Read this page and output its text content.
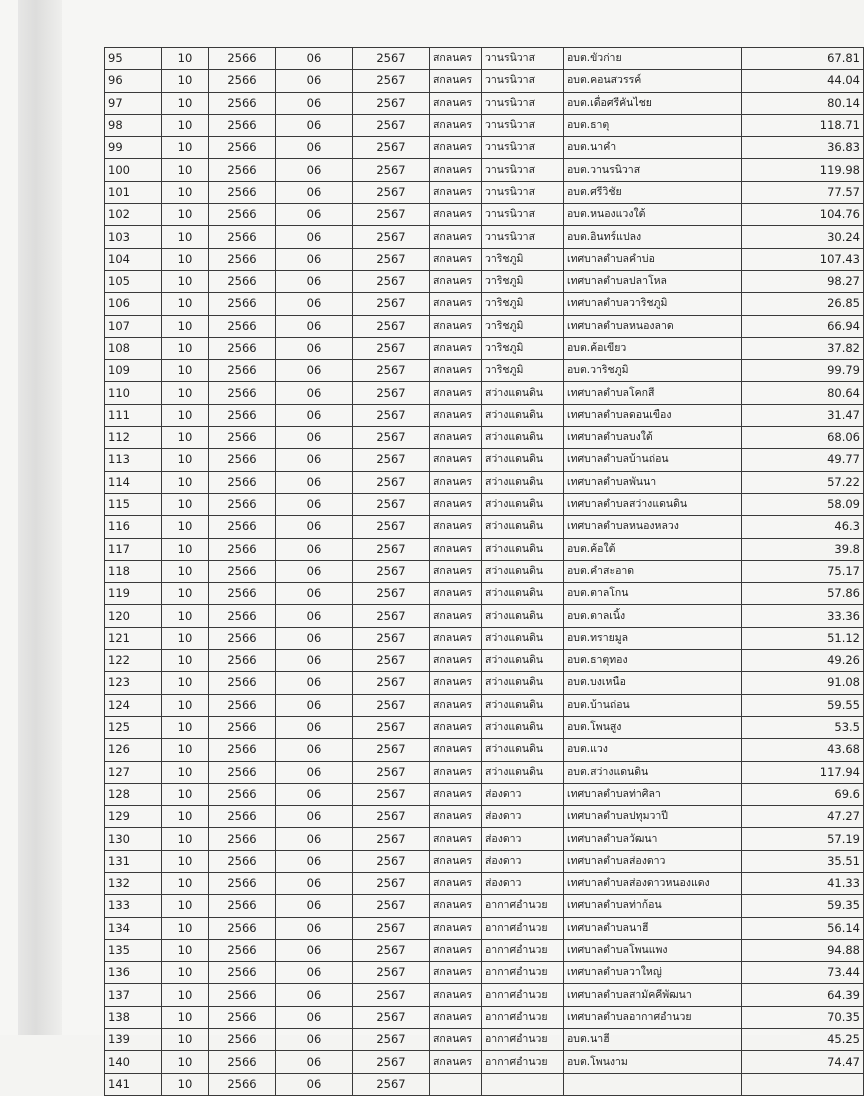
95	10	2566	06	2567	สกลนคร	วานรนิวาส	อบต.ขัวก่าย	67.81
96	10	2566	06	2567	สกลนคร	วานรนิวาส	อบต.คอนสวรรค์	44.04
97	10	2566	06	2567	สกลนคร	วานรนิวาส	อบต.เดื่อศรีคันไชย	80.14
98	10	2566	06	2567	สกลนคร	วานรนิวาส	อบต.ธาตุ	118.71
99	10	2566	06	2567	สกลนคร	วานรนิวาส	อบต.นาคำ	36.83
100	10	2566	06	2567	สกลนคร	วานรนิวาส	อบต.วานรนิวาส	119.98
101	10	2566	06	2567	สกลนคร	วานรนิวาส	อบต.ศรีวิชัย	77.57
102	10	2566	06	2567	สกลนคร	วานรนิวาส	อบต.หนองแวงใต้	104.76
103	10	2566	06	2567	สกลนคร	วานรนิวาส	อบต.อินทร์แปลง	30.24
104	10	2566	06	2567	สกลนคร	วาริชภูมิ	เทศบาลตำบลคำบ่อ	107.43
105	10	2566	06	2567	สกลนคร	วาริชภูมิ	เทศบาลตำบลปลาโหล	98.27
106	10	2566	06	2567	สกลนคร	วาริชภูมิ	เทศบาลตำบลวาริชภูมิ	26.85
107	10	2566	06	2567	สกลนคร	วาริชภูมิ	เทศบาลตำบลหนองลาด	66.94
108	10	2566	06	2567	สกลนคร	วาริชภูมิ	อบต.ค้อเขียว	37.82
109	10	2566	06	2567	สกลนคร	วาริชภูมิ	อบต.วาริชภูมิ	99.79
110	10	2566	06	2567	สกลนคร	สว่างแดนดิน	เทศบาลตำบลโคกสี	80.64
111	10	2566	06	2567	สกลนคร	สว่างแดนดิน	เทศบาลตำบลดอนเขือง	31.47
112	10	2566	06	2567	สกลนคร	สว่างแดนดิน	เทศบาลตำบลบงใต้	68.06
113	10	2566	06	2567	สกลนคร	สว่างแดนดิน	เทศบาลตำบลบ้านถ่อน	49.77
114	10	2566	06	2567	สกลนคร	สว่างแดนดิน	เทศบาลตำบลพันนา	57.22
115	10	2566	06	2567	สกลนคร	สว่างแดนดิน	เทศบาลตำบลสว่างแดนดิน	58.09
116	10	2566	06	2567	สกลนคร	สว่างแดนดิน	เทศบาลตำบลหนองหลวง	46.3
117	10	2566	06	2567	สกลนคร	สว่างแดนดิน	อบต.ค้อใต้	39.8
118	10	2566	06	2567	สกลนคร	สว่างแดนดิน	อบต.คำสะอาด	75.17
119	10	2566	06	2567	สกลนคร	สว่างแดนดิน	อบต.ตาลโกน	57.86
120	10	2566	06	2567	สกลนคร	สว่างแดนดิน	อบต.ตาลเนิ้ง	33.36
121	10	2566	06	2567	สกลนคร	สว่างแดนดิน	อบต.ทรายมูล	51.12
122	10	2566	06	2567	สกลนคร	สว่างแดนดิน	อบต.ธาตุทอง	49.26
123	10	2566	06	2567	สกลนคร	สว่างแดนดิน	อบต.บงเหนือ	91.08
124	10	2566	06	2567	สกลนคร	สว่างแดนดิน	อบต.บ้านถ่อน	59.55
125	10	2566	06	2567	สกลนคร	สว่างแดนดิน	อบต.โพนสูง	53.5
126	10	2566	06	2567	สกลนคร	สว่างแดนดิน	อบต.แวง	43.68
127	10	2566	06	2567	สกลนคร	สว่างแดนดิน	อบต.สว่างแดนดิน	117.94
128	10	2566	06	2567	สกลนคร	ส่องดาว	เทศบาลตำบลท่าศิลา	69.6
129	10	2566	06	2567	สกลนคร	ส่องดาว	เทศบาลตำบลปทุมวาปี	47.27
130	10	2566	06	2567	สกลนคร	ส่องดาว	เทศบาลตำบลวัฒนา	57.19
131	10	2566	06	2567	สกลนคร	ส่องดาว	เทศบาลตำบลส่องดาว	35.51
132	10	2566	06	2567	สกลนคร	ส่องดาว	เทศบาลตำบลส่องดาวหนองแดง	41.33
133	10	2566	06	2567	สกลนคร	อากาศอำนวย	เทศบาลตำบลท่าก้อน	59.35
134	10	2566	06	2567	สกลนคร	อากาศอำนวย	เทศบาลตำบลนาฮี	56.14
135	10	2566	06	2567	สกลนคร	อากาศอำนวย	เทศบาลตำบลโพนแพง	94.88
136	10	2566	06	2567	สกลนคร	อากาศอำนวย	เทศบาลตำบลวาใหญ่	73.44
137	10	2566	06	2567	สกลนคร	อากาศอำนวย	เทศบาลตำบลสามัคคีพัฒนา	64.39
138	10	2566	06	2567	สกลนคร	อากาศอำนวย	เทศบาลตำบลอากาศอำนวย	70.35
139	10	2566	06	2567	สกลนคร	อากาศอำนวย	อบต.นาฮี	45.25
140	10	2566	06	2567	สกลนคร	อากาศอำนวย	อบต.โพนงาม	74.47
141	10	2566	06	2567				
